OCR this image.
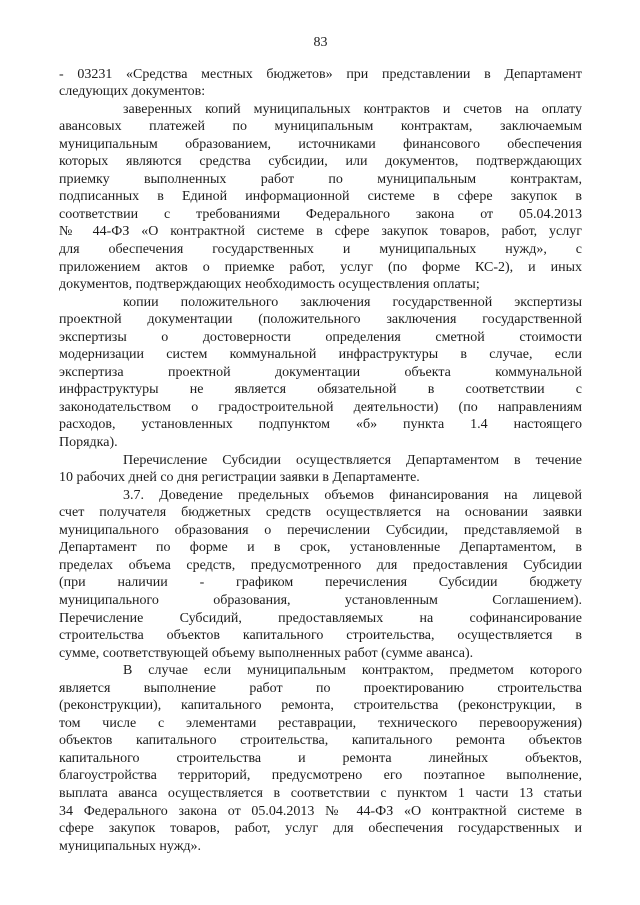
83
- 03231 «Средства местных бюджетов» при представлении в Департамент
следующих документов:
заверенных копий муниципальных контрактов и счетов на оплату
авансовых платежей по муниципальным контрактам, заключаемым
муниципальным образованием, источниками финансового обеспечения
которых являются средства субсидии, или документов, подтверждающих
приемку выполненных работ по муниципальным контрактам,
подписанных в Единой информационной системе в сфере закупок в
соответствии с требованиями Федерального закона от 05.04.2013
№ 44-ФЗ «О контрактной системе в сфере закупок товаров, работ, услуг
для обеспечения государственных и муниципальных нужд», с
приложением актов о приемке работ, услуг (по форме КС-2), и иных
документов, подтверждающих необходимость осуществления оплаты;
копии положительного заключения государственной экспертизы
проектной документации (положительного заключения государственной
экспертизы о достоверности определения сметной стоимости
модернизации систем коммунальной инфраструктуры в случае, если
экспертиза проектной документации объекта коммунальной
инфраструктуры не является обязательной в соответствии с
законодательством о градостроительной деятельности) (по направлениям
расходов, установленных подпунктом «б» пункта 1.4 настоящего
Порядка).
Перечисление Субсидии осуществляется Департаментом в течение
10 рабочих дней со дня регистрации заявки в Департаменте.
3.7. Доведение предельных объемов финансирования на лицевой
счет получателя бюджетных средств осуществляется на основании заявки
муниципального образования о перечислении Субсидии, представляемой в
Департамент по форме и в срок, установленные Департаментом, в
пределах объема средств, предусмотренного для предоставления Субсидии
(при наличии - графиком перечисления Субсидии бюджету
муниципального образования, установленным Соглашением).
Перечисление Субсидий, предоставляемых на софинансирование
строительства объектов капитального строительства, осуществляется в
сумме, соответствующей объему выполненных работ (сумме аванса).
В случае если муниципальным контрактом, предметом которого
является выполнение работ по проектированию строительства
(реконструкции), капитального ремонта, строительства (реконструкции, в
том числе с элементами реставрации, технического перевооружения)
объектов капитального строительства, капитального ремонта объектов
капитального строительства и ремонта линейных объектов,
благоустройства территорий, предусмотрено его поэтапное выполнение,
выплата аванса осуществляется в соответствии с пунктом 1 части 13 статьи
34 Федерального закона от 05.04.2013 № 44-ФЗ «О контрактной системе в
сфере закупок товаров, работ, услуг для обеспечения государственных и
муниципальных нужд».
